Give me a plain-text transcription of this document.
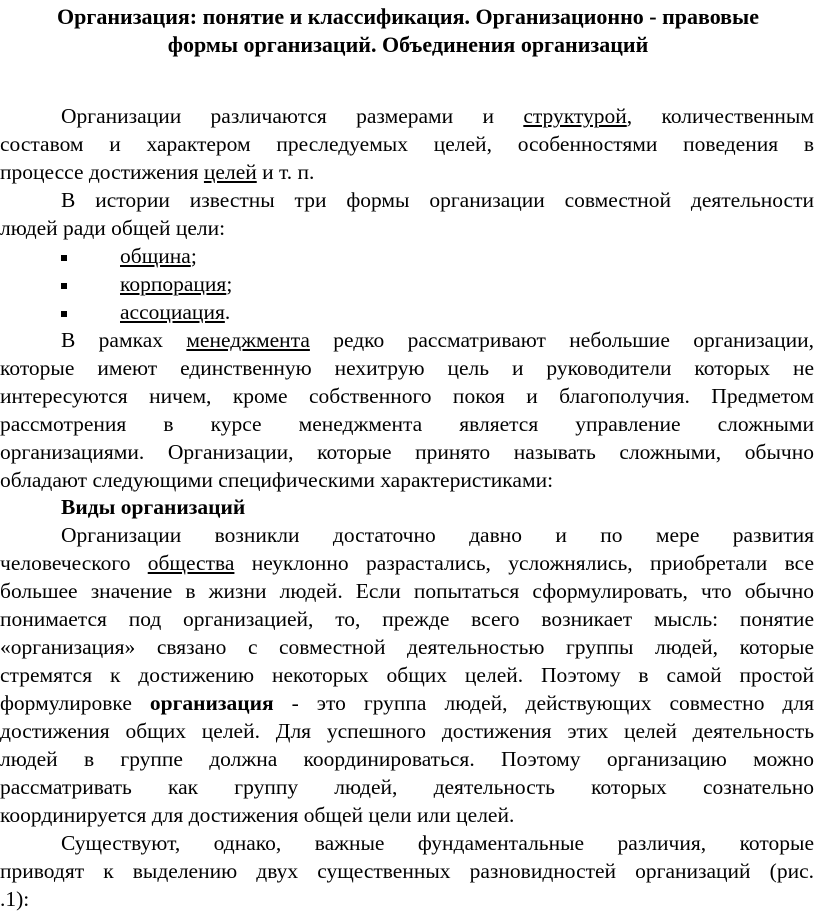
Организация: понятие и классификация. Организационно - правовые
формы организаций. Объединения организаций
Организации различаются размерами и структурой, количественным
составом и характером преследуемых целей, особенностями поведения в
процессе достижения целей и т. п.
В истории известны три формы организации совместной деятельности
людей ради общей цели:
община;
корпорация;
ассоциация.
В рамках менеджмента редко рассматривают небольшие организации,
которые имеют единственную нехитрую цель и руководители которых не
интересуются ничем, кроме собственного покоя и благополучия. Предметом
рассмотрения в курсе менеджмента является управление сложными
организациями. Организации, которые принято называть сложными, обычно
обладают следующими специфическими характеристиками:
Виды организаций
Организации возникли достаточно давно и по мере развития
человеческого общества неуклонно разрастались, усложнялись, приобретали все
большее значение в жизни людей. Если попытаться сформулировать, что обычно
понимается под организацией, то, прежде всего возникает мысль: понятие
«организация» связано с совместной деятельностью группы людей, которые
стремятся к достижению некоторых общих целей. Поэтому в самой простой
формулировке организация - это группа людей, действующих совместно для
достижения общих целей. Для успешного достижения этих целей деятельность
людей в группе должна координироваться. Поэтому организацию можно
рассматривать как группу людей, деятельность которых сознательно
координируется для достижения общей цели или целей.
Существуют, однако, важные фундаментальные различия, которые
приводят к выделению двух существенных разновидностей организаций (рис.
.1):
